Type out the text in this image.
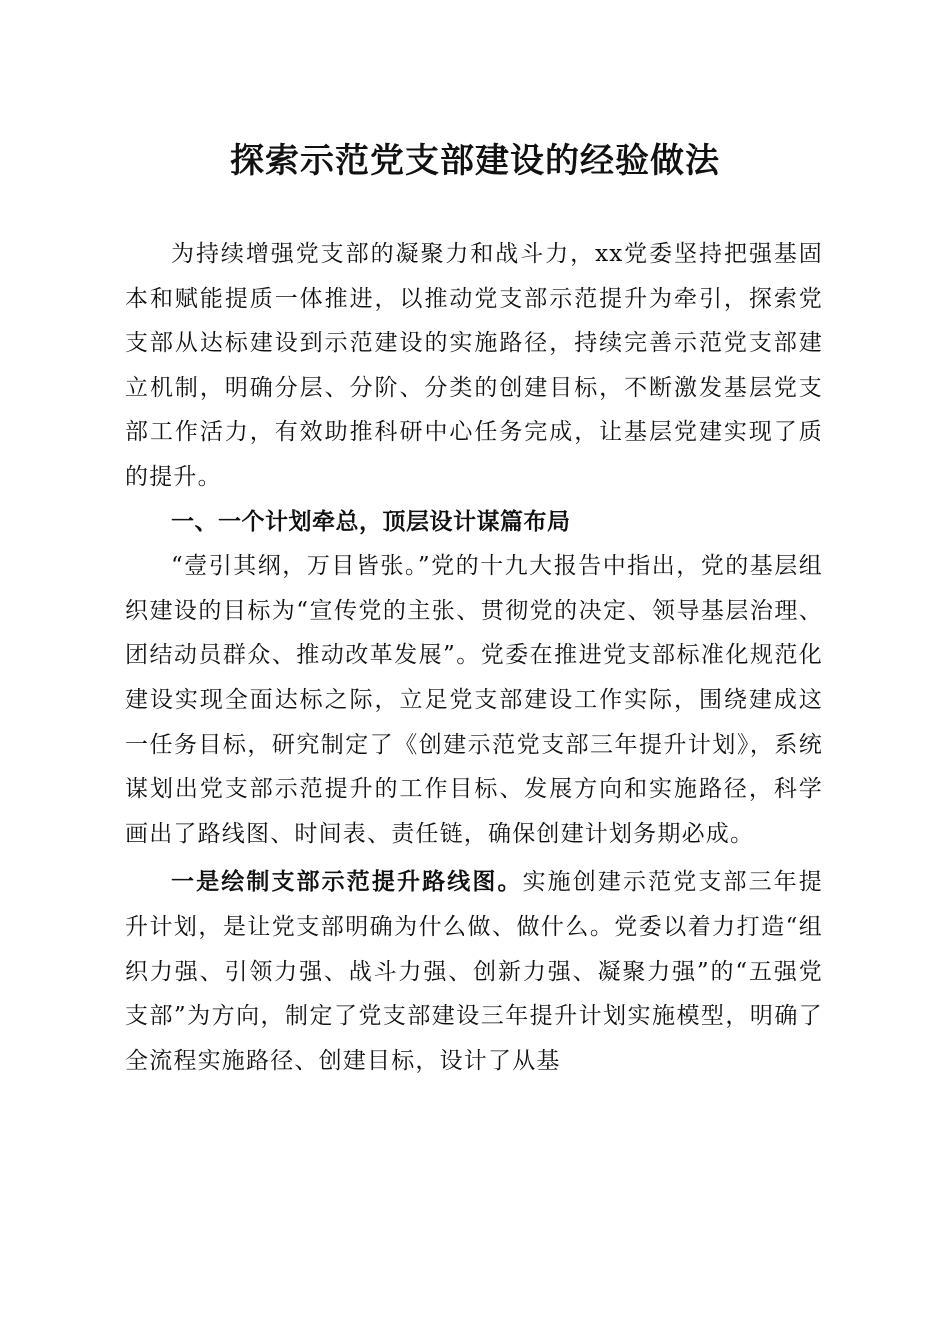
探索示范党支部建设的经验做法

为持续增强党支部的凝聚力和战斗力，xx党委坚持把强基固本和赋能提质一体推进，以推动党支部示范提升为牵引，探索党支部从达标建设到示范建设的实施路径，持续完善示范党支部建立机制，明确分层、分阶、分类的创建目标，不断激发基层党支部工作活力，有效助推科研中心任务完成，让基层党建实现了质的提升。

一、一个计划牵总，顶层设计谋篇布局

“壹引其纲，万目皆张。”党的十九大报告中指出，党的基层组织建设的目标为“宣传党的主张、贯彻党的决定、领导基层治理、团结动员群众、推动改革发展”。党委在推进党支部标准化规范化建设实现全面达标之际，立足党支部建设工作实际，围绕建成这一任务目标，研究制定了《创建示范党支部三年提升计划》，系统谋划出党支部示范提升的工作目标、发展方向和实施路径，科学画出了路线图、时间表、责任链，确保创建计划务期必成。

一是绘制支部示范提升路线图。实施创建示范党支部三年提升计划，是让党支部明确为什么做、做什么。党委以着力打造“组织力强、引领力强、战斗力强、创新力强、凝聚力强”的“五强党支部”为方向，制定了党支部建设三年提升计划实施模型，明确了全流程实施路径、创建目标，设计了从基
